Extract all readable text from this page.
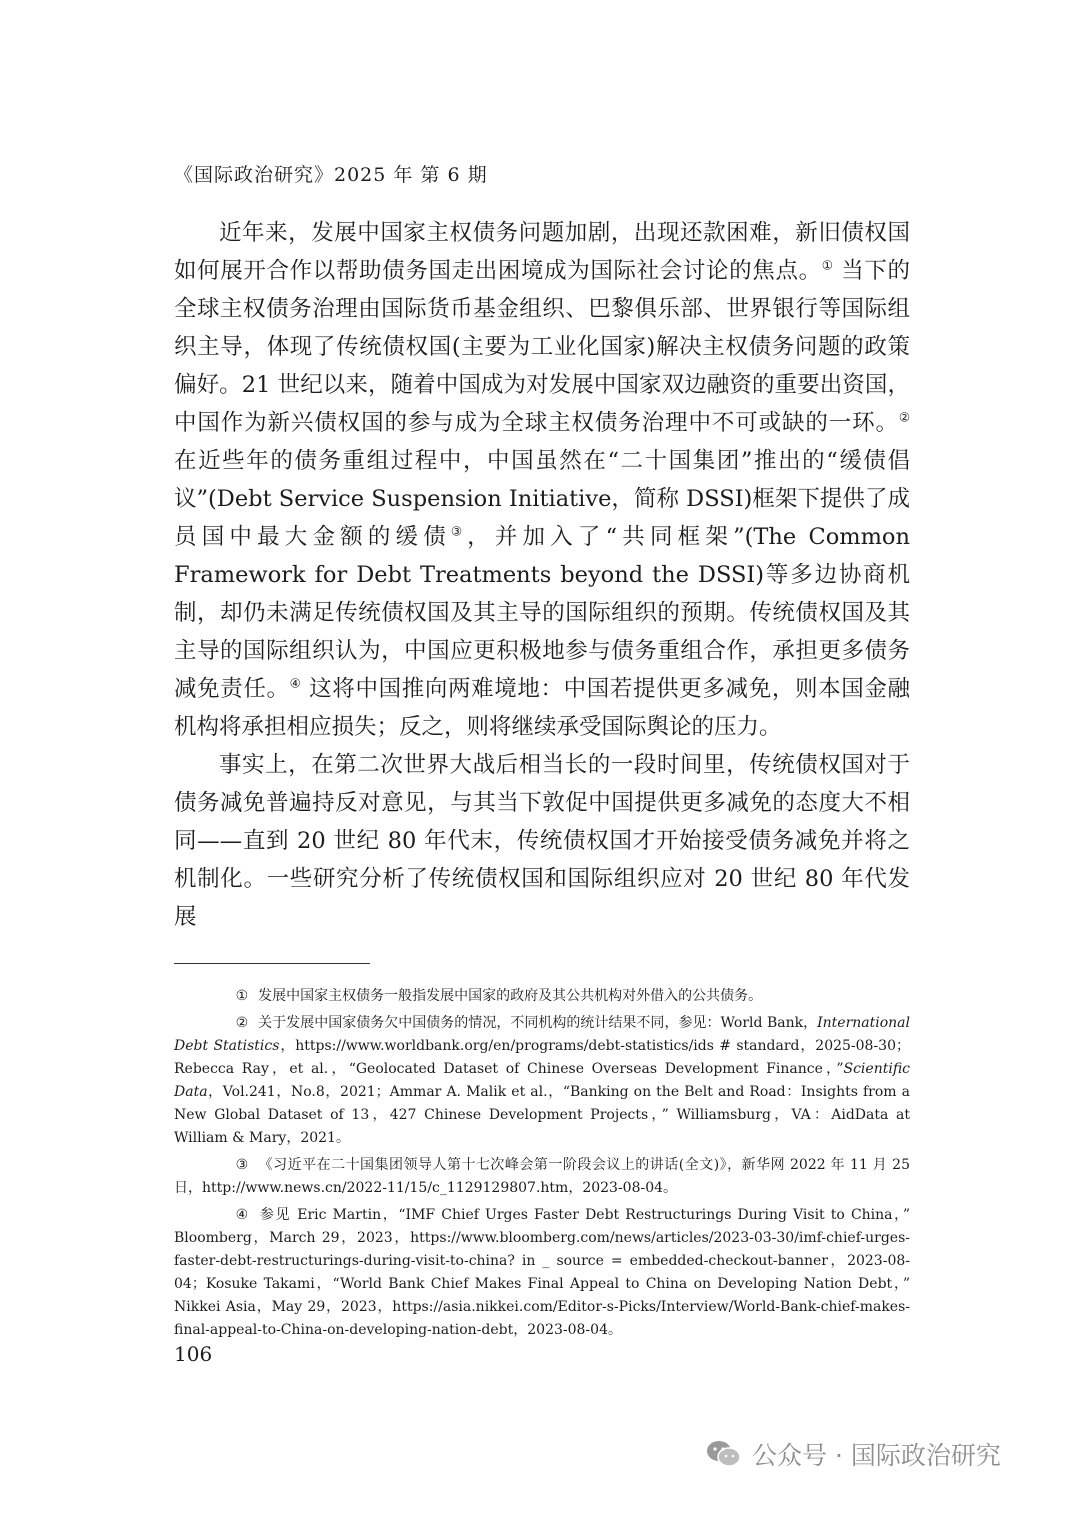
《国际政治研究》2025 年 第 6 期

近年来，发展中国家主权债务问题加剧，出现还款困难，新旧债权国如何展开合作以帮助债务国走出困境成为国际社会讨论的焦点。① 当下的全球主权债务治理由国际货币基金组织、巴黎俱乐部、世界银行等国际组织主导，体现了传统债权国(主要为工业化国家)解决主权债务问题的政策偏好。21 世纪以来，随着中国成为对发展中国家双边融资的重要出资国，中国作为新兴债权国的参与成为全球主权债务治理中不可或缺的一环。② 在近些年的债务重组过程中，中国虽然在“二十国集团”推出的“缓债倡议”(Debt Service Suspension Initiative，简称 DSSI)框架下提供了成员国中最大金额的缓债③，并加入了“共同框架”(The Common Framework for Debt Treatments beyond the DSSI)等多边协商机制，却仍未满足传统债权国及其主导的国际组织的预期。传统债权国及其主导的国际组织认为，中国应更积极地参与债务重组合作，承担更多债务减免责任。④ 这将中国推向两难境地：中国若提供更多减免，则本国金融机构将承担相应损失；反之，则将继续承受国际舆论的压力。

事实上，在第二次世界大战后相当长的一段时间里，传统债权国对于债务减免普遍持反对意见，与其当下敦促中国提供更多减免的态度大不相同——直到 20 世纪 80 年代末，传统债权国才开始接受债务减免并将之机制化。一些研究分析了传统债权国和国际组织应对 20 世纪 80 年代发展

① 发展中国家主权债务一般指发展中国家的政府及其公共机构对外借入的公共债务。

② 关于发展中国家债务欠中国债务的情况，不同机构的统计结果不同，参见：World Bank，International Debt Statistics，https://www.worldbank.org/en/programs/debt-statistics/ids # standard，2025-08-30；Rebecca Ray，et al.，“Geolocated Dataset of Chinese Overseas Development Finance，”Scientific Data，Vol.241，No.8，2021；Ammar A. Malik et al.，“Banking on the Belt and Road：Insights from a New Global Dataset of 13，427 Chinese Development Projects，” Williamsburg，VA：AidData at William & Mary，2021。

③ 《习近平在二十国集团领导人第十七次峰会第一阶段会议上的讲话(全文)》，新华网 2022 年 11 月 25 日，http://www.news.cn/2022-11/15/c_1129129807.htm，2023-08-04。

④ 参见 Eric Martin，“IMF Chief Urges Faster Debt Restructurings During Visit to China，” Bloomberg，March 29，2023，https://www.bloomberg.com/news/articles/2023-03-30/imf-chief-urges-faster-debt-restructurings-during-visit-to-china? in _ source = embedded-checkout-banner，2023-08-04；Kosuke Takami，“World Bank Chief Makes Final Appeal to China on Developing Nation Debt，” Nikkei Asia，May 29，2023，https://asia.nikkei.com/Editor-s-Picks/Interview/World-Bank-chief-makes-final-appeal-to-China-on-developing-nation-debt，2023-08-04。

106
公众号 · 国际政治研究
